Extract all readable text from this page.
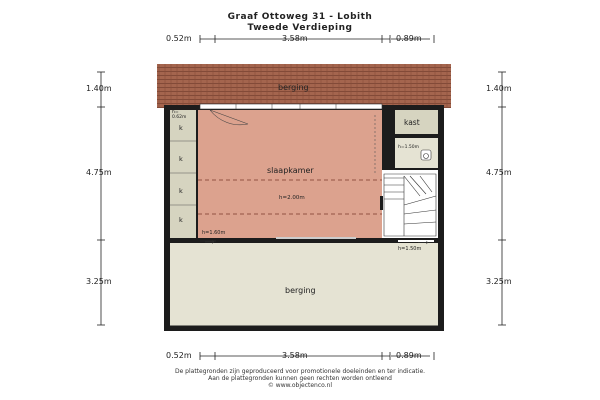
Graaf Ottoweg 31 - Lobith
Tweede Verdieping
0.52m	3.58m	0.89m
0.52m	3.58m	0.89m
1.40m
4.75m
3.25m
1.40m
4.75m
3.25m
berging
slaapkamer
h=2.00m
kast
berging
k
k
k
k
h=
0.62m
h=1.50m
h=1.60m
h=1.50m
De plattegronden zijn geproduceerd voor promotionele doeleinden en ter indicatie.
Aan de plattegronden kunnen geen rechten worden ontleend
© www.objectenco.nl
